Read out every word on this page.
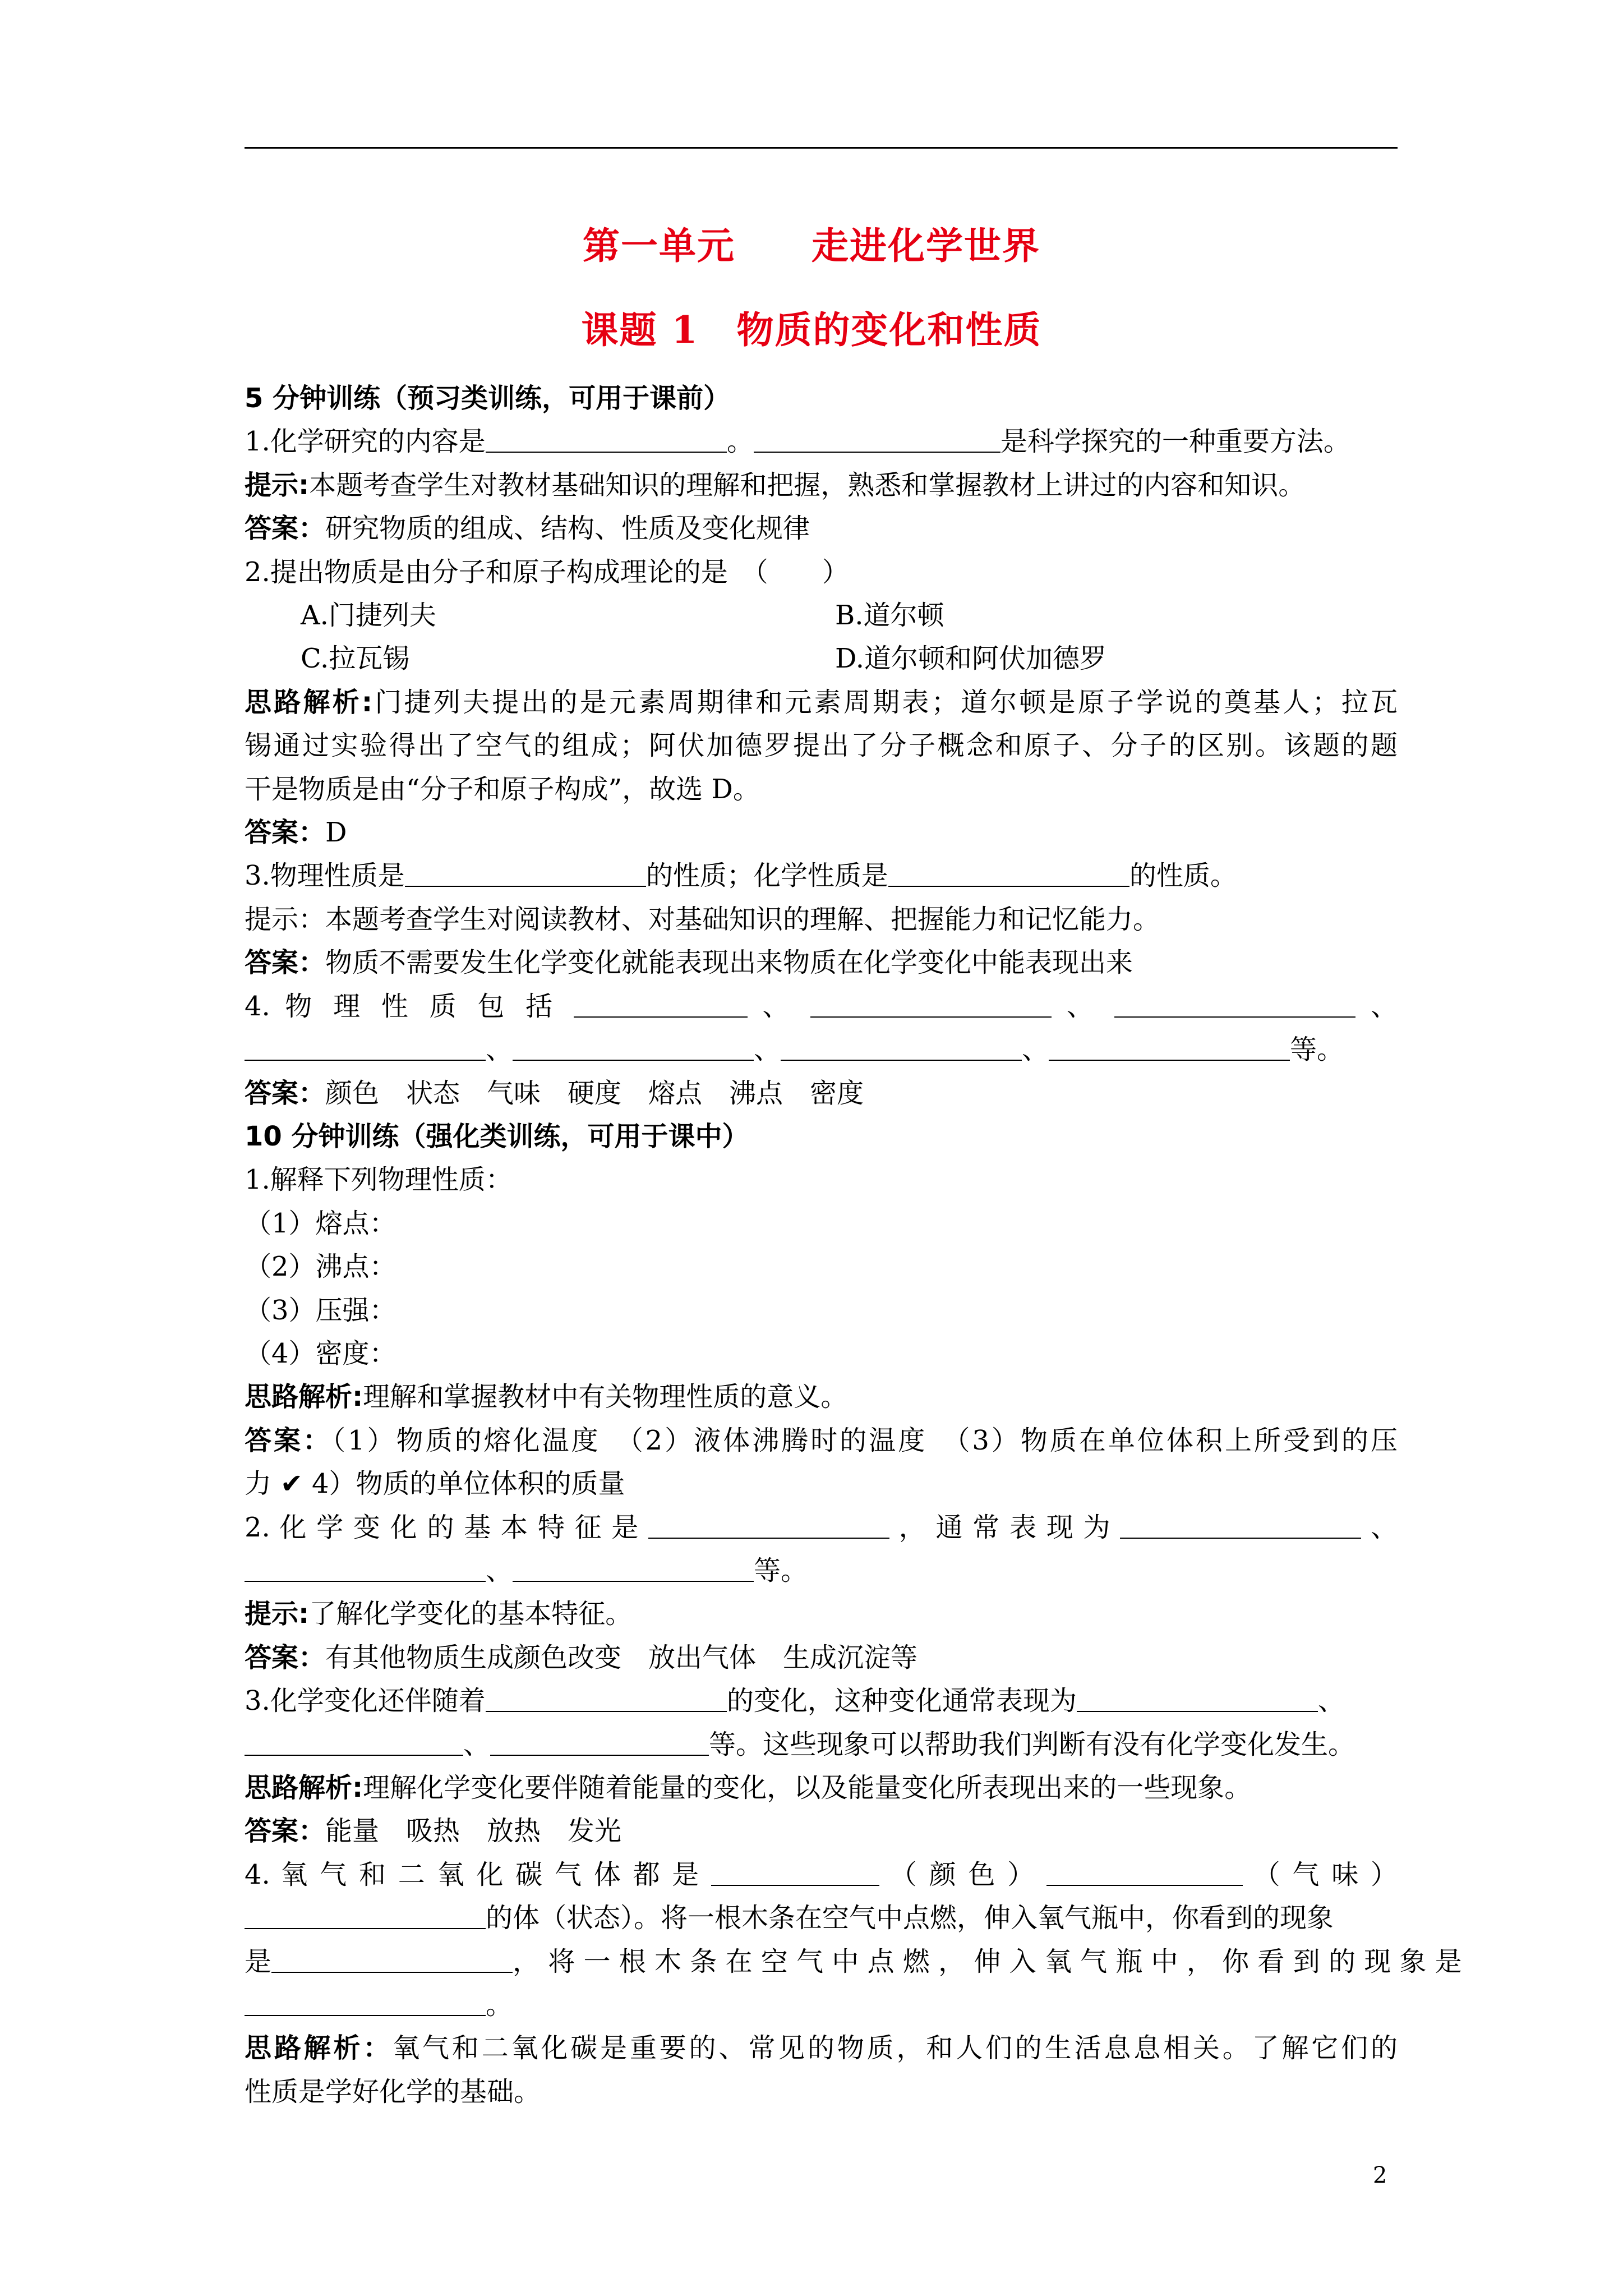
第一单元　　走进化学世界
课题 1　物质的变化和性质
5 分钟训练（预习类训练，可用于课前）
1.化学研究的内容是	。	是科学探究的一种重要方法。
提示:本题考查学生对教材基础知识的理解和把握，熟悉和掌握教材上讲过的内容和知识。
答案：研究物质的组成、结构、性质及变化规律
2.提出物质是由分子和原子构成理论的是　（　　）
A.门捷列夫	B.道尔顿
C.拉瓦锡	D.道尔顿和阿伏加德罗
思路解析:门捷列夫提出的是元素周期律和元素周期表；道尔顿是原子学说的奠基人；拉瓦
锡通过实验得出了空气的组成；阿伏加德罗提出了分子概念和原子、分子的区别。该题的题
干是物质是由“分子和原子构成”，故选 D。
答案：D
3.物理性质是	的性质；化学性质是	的性质。
提示：本题考查学生对阅读教材、对基础知识的理解、把握能力和记忆能力。
答案：物质不需要发生化学变化就能表现出来物质在化学变化中能表现出来
4. 物 理 性 质 包 括	、	、	、
、	、	、	等。
答案：颜色　状态　气味　硬度　熔点　沸点　密度
10 分钟训练（强化类训练，可用于课中）
1.解释下列物理性质：
（1）熔点：
（2）沸点：
（3）压强：
（4）密度：
思路解析:理解和掌握教材中有关物理性质的意义。
答案：（1）物质的熔化温度　（2）液体沸腾时的温度　（3）物质在单位体积上所受到的压
力 ✔ 4）物质的单位体积的质量
2. 化 学 变 化 的 基 本 特 征 是	， 通 常 表 现 为	、
、	等。
提示:了解化学变化的基本特征。
答案：有其他物质生成颜色改变　放出气体　生成沉淀等
3.化学变化还伴随着	的变化，这种变化通常表现为	、
、	等。这些现象可以帮助我们判断有没有化学变化发生。
思路解析:理解化学变化要伴随着能量的变化，以及能量变化所表现出来的一些现象。
答案：能量　吸热　放热　发光
4. 氧 气 和 二 氧 化 碳 气 体 都 是	（ 颜 色 ）	（ 气 味 ）
的体（状态）。将一根木条在空气中点燃，伸入氧气瓶中，你看到的现象
是	， 将 一 根 木 条 在 空 气 中 点 燃 ， 伸 入 氧 气 瓶 中 ， 你 看 到 的 现 象 是
。
思路解析：氧气和二氧化碳是重要的、常见的物质，和人们的生活息息相关。了解它们的
性质是学好化学的基础。
2
